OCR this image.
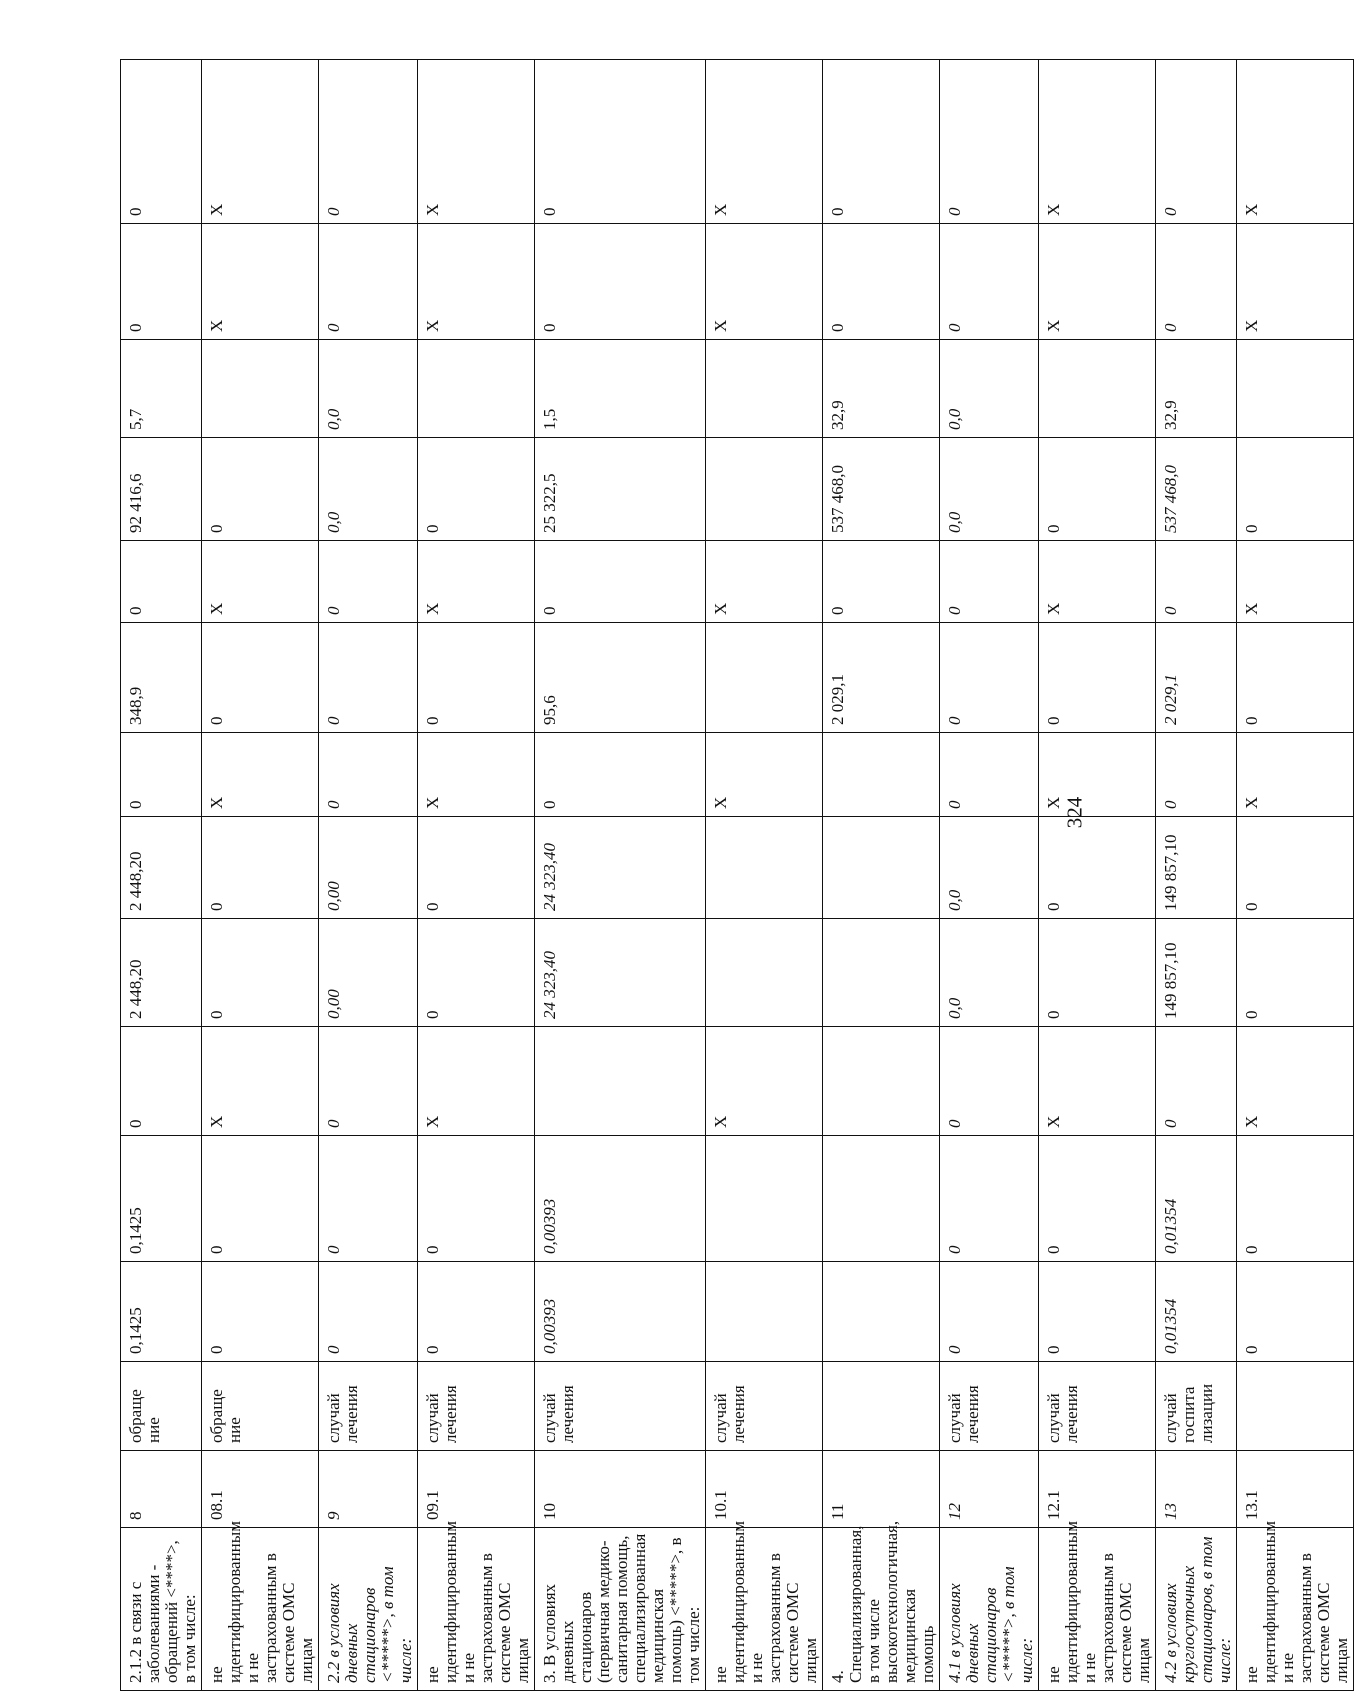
2.1.2 в связи с заболеваниями - обращений <****>, в том числе:	8	обраще ние	0,1425	0,1425	0	2 448,20	2 448,20	0	348,9	0	92 416,6	5,7	0	0
не идентифицированным и не застрахованным в системе ОМС лицам	08.1	обраще ние	0	0	X	0	0	X	0	X	0		X	X
2.2 в условиях дневных стационаров <*****>, в том числе:	9	случай лечения	0	0	0	0,00	0,00	0	0	0	0,0	0,0	0	0
не идентифицированным и не застрахованным в системе ОМС лицам	09.1	случай лечения	0	0	X	0	0	X	0	X	0		X	X
3. В условиях дневных стационаров (первичная медико-санитарная помощь, специализированная медицинская помощь) <*****>, в том числе:	10	случай лечения	0,00393	0,00393		24 323,40	24 323,40	0	95,6	0	25 322,5	1,5	0	0
не идентифицированным и не застрахованным в системе ОМС лицам	10.1	случай лечения			X			X		X			X	X
4. Специализированная, в том числе высокотехнологичная, медицинская помощь	11								2 029,1	0	537 468,0	32,9	0	0
4.1 в условиях дневных стационаров <*****>, в том числе:	12	случай лечения	0	0	0	0,0	0,0	0	0	0	0,0	0,0	0	0
не идентифицированным и не застрахованным в системе ОМС лицам	12.1	случай лечения	0	0	X	0	0	X	0	X	0		X	X
4.2 в условиях круглосуточных стационаров, в том числе:	13	случай госпита лизации	0,01354	0,01354	0	149 857,10	149 857,10	0	2 029,1	0	537 468,0	32,9	0	0
не идентифицированным и не застрахованным в системе ОМС лицам	13.1		0	0	X	0	0	X	0	X	0		X	X
324
